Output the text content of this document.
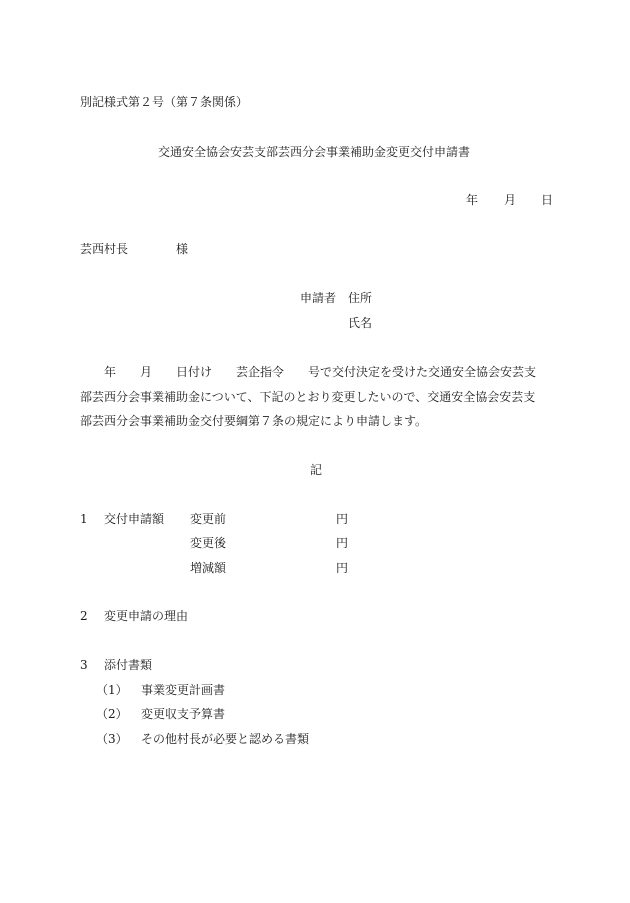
別記様式第２号（第７条関係）
交通安全協会安芸支部芸西分会事業補助金変更交付申請書
年 月 日
芸西村長	様
申請者 住所
氏名
年　　月　　日付け　　芸企指令　　号で交付決定を受けた交通安全協会安芸支
部芸西分会事業補助金について、下記のとおり変更したいので、交通安全協会安芸支
部芸西分会事業補助金交付要綱第７条の規定により申請します。
記
1 交付申請額 変更前	円
変更後	円
増減額	円
2 変更申請の理由
3 添付書類
（1） 事業変更計画書
（2） 変更収支予算書
（3） その他村長が必要と認める書類
